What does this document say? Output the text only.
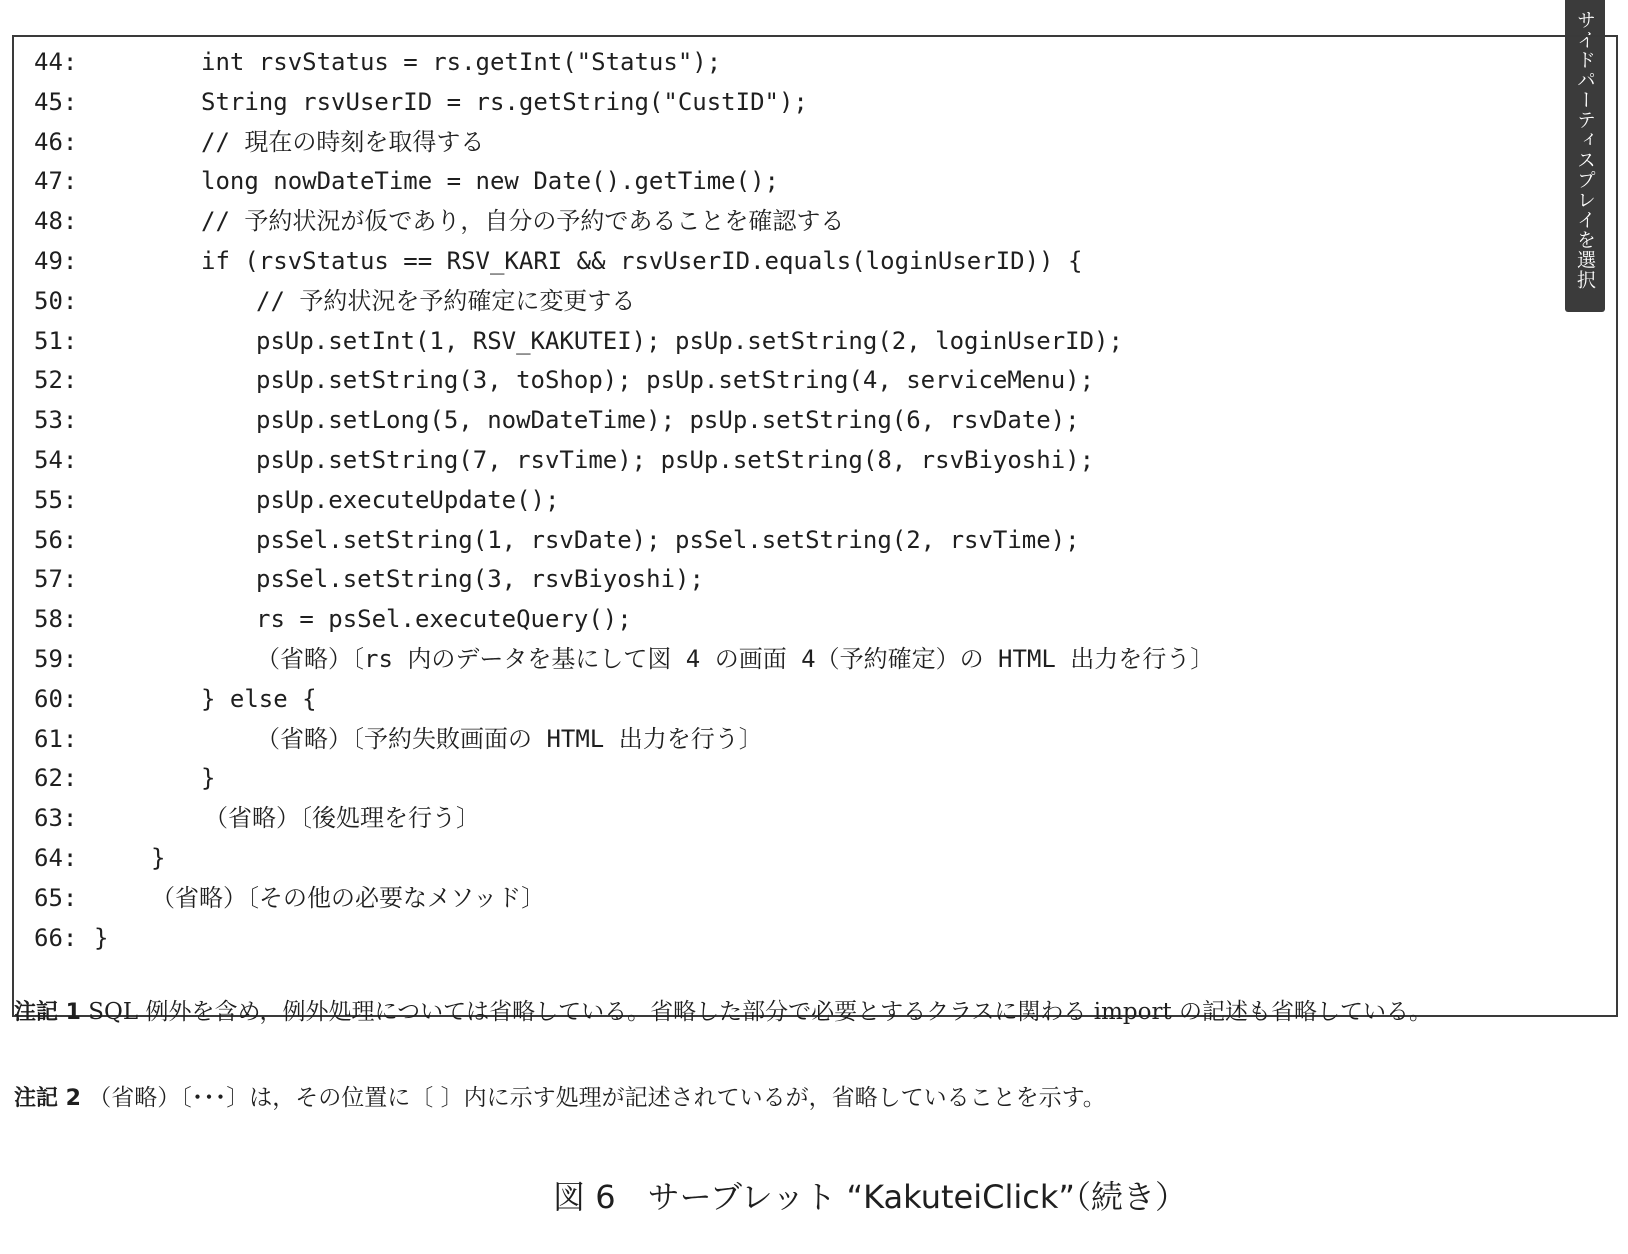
サイドパーティスプレイを選択
44:	int rsvStatus = rs.getInt("Status");
45:	String rsvUserID = rs.getString("CustID");
46:	// 現在の時刻を取得する
47:	long nowDateTime = new Date().getTime();
48:	// 予約状況が仮であり，自分の予約であることを確認する
49:	if (rsvStatus == RSV_KARI && rsvUserID.equals(loginUserID)) {
50:	// 予約状況を予約確定に変更する
51:	psUp.setInt(1, RSV_KAKUTEI); psUp.setString(2, loginUserID);
52:	psUp.setString(3, toShop); psUp.setString(4, serviceMenu);
53:	psUp.setLong(5, nowDateTime); psUp.setString(6, rsvDate);
54:	psUp.setString(7, rsvTime); psUp.setString(8, rsvBiyoshi);
55:	psUp.executeUpdate();
56:	psSel.setString(1, rsvDate); psSel.setString(2, rsvTime);
57:	psSel.setString(3, rsvBiyoshi);
58:	rs = psSel.executeQuery();
59:	（省略）〔rs 内のデータを基にして図 4 の画面 4（予約確定）の HTML 出力を行う〕
60:	} else {
61:	（省略）〔予約失敗画面の HTML 出力を行う〕
62:	}
63:	（省略）〔後処理を行う〕
64:	}
65:	（省略）〔その他の必要なメソッド〕
66: }
注記 1 SQL 例外を含め，例外処理については省略している。省略した部分で必要とするクラスに関わる import の記述も省略している。
注記 2 （省略）〔･･･〕は，その位置に〔 〕内に示す処理が記述されているが，省略していることを示す。
図 6　サーブレット “KakuteiClick”（続き）
